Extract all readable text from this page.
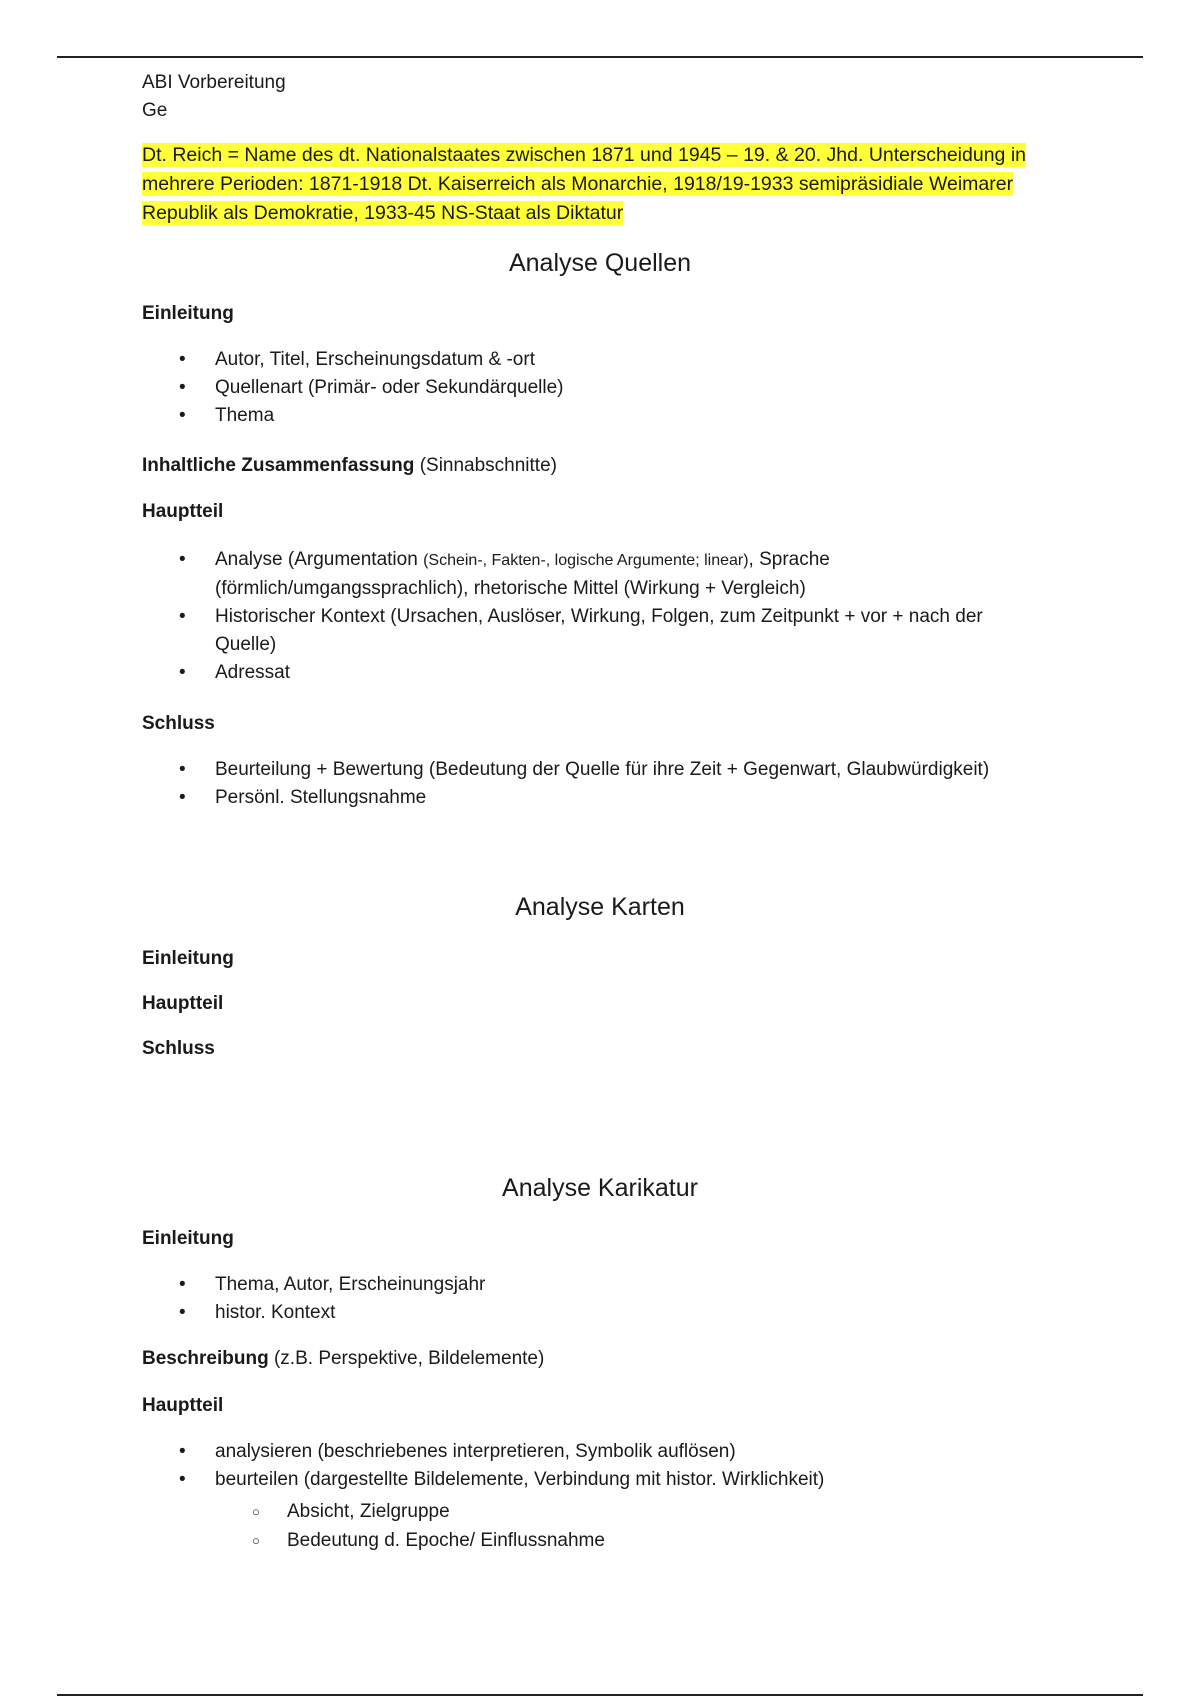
ABI Vorbereitung

Ge

Dt. Reich = Name des dt. Nationalstaates zwischen 1871 und 1945 – 19. & 20. Jhd. Unterscheidung in
mehrere Perioden: 1871-1918 Dt. Kaiserreich als Monarchie, 1918/19-1933 semipräsidiale Weimarer
Republik als Demokratie, 1933-45 NS-Staat als Diktatur
Analyse Quellen

Einleitung

• Autor, Titel, Erscheinungsdatum & -ort
• Quellenart (Primär- oder Sekundärquelle)
• Thema

Inhaltliche Zusammenfassung (Sinnabschnitte)

Hauptteil

• Analyse (Argumentation (Schein-, Fakten-, logische Argumente; linear), Sprache (förmlich/umgangssprachlich), rhetorische Mittel (Wirkung + Vergleich)
• Historischer Kontext (Ursachen, Auslöser, Wirkung, Folgen, zum Zeitpunkt + vor + nach der Quelle)
• Adressat

Schluss

• Beurteilung + Bewertung (Bedeutung der Quelle für ihre Zeit + Gegenwart, Glaubwürdigkeit)
• Persönl. Stellungsnahme
Analyse Karten

Einleitung

Hauptteil

Schluss

Analyse Karikatur

Einleitung

• Thema, Autor, Erscheinungsjahr
• histor. Kontext

Beschreibung (z.B. Perspektive, Bildelemente)

Hauptteil

• analysieren (beschriebenes interpretieren, Symbolik auflösen)
• beurteilen (dargestellte Bildelemente, Verbindung mit histor. Wirklichkeit)
○ Absicht, Zielgruppe
○ Bedeutung d. Epoche/ Einflussnahme
